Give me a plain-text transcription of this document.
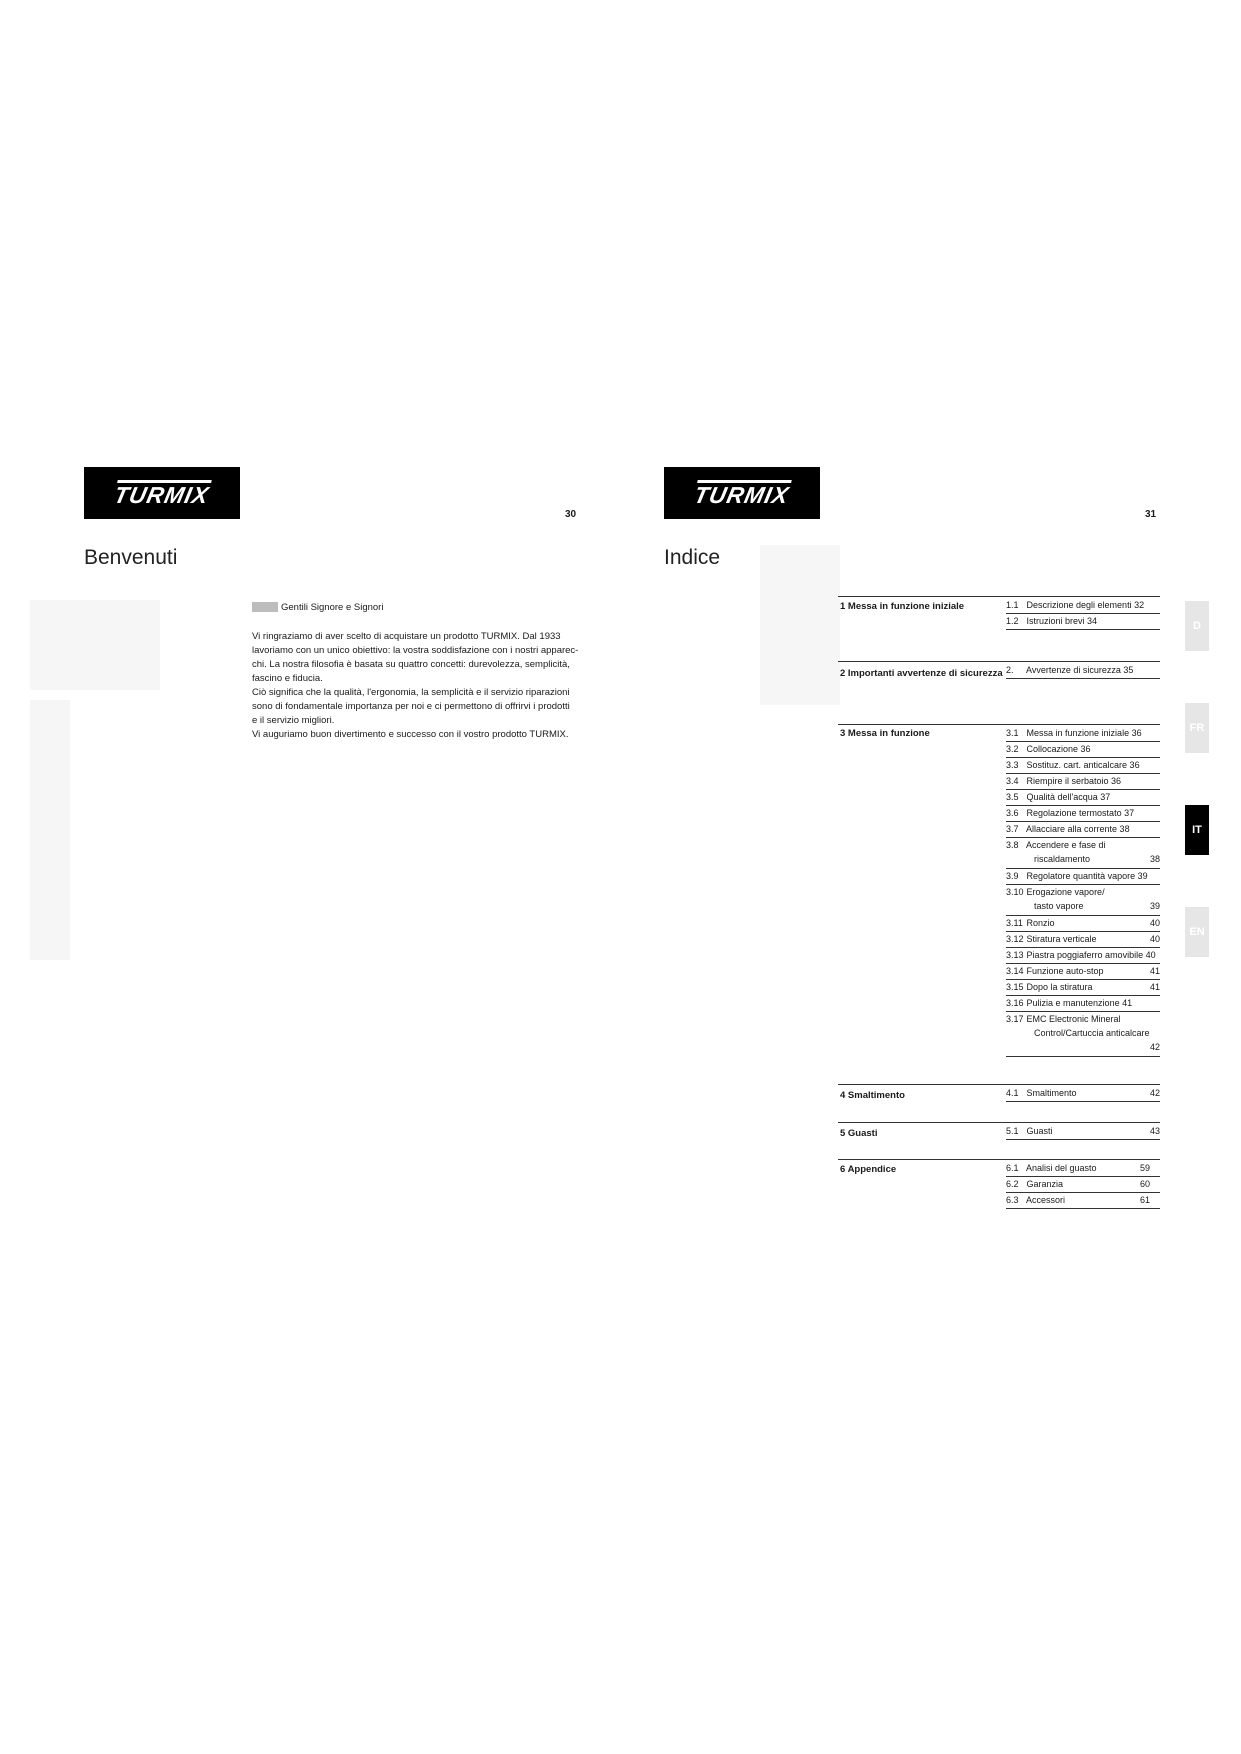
TURMIX
30
Benvenuti
Gentili Signore e Signori
Vi ringraziamo di aver scelto di acquistare un prodotto TURMIX. Dal 1933
lavoriamo con un unico obiettivo: la vostra soddisfazione con i nostri apparec-
chi. La nostra filosofia è basata su quattro concetti: durevolezza, semplicità,
fascino e fiducia.
Ciò significa che la qualità, l'ergonomia, la semplicità e il servizio riparazioni
sono di fondamentale importanza per noi e ci permettono di offrirvi i prodotti
e il servizio migliori.
Vi auguriamo buon divertimento e successo con il vostro prodotto TURMIX.
TURMIX
31
Indice
1 Messa in funzione iniziale	1.1 Descrizione degli elementi 32
1.2 Istruzioni brevi 34
2 Importanti avvertenze di sicurezza 2. Avvertenze di sicurezza 35
3 Messa in funzione	3.1 Messa in funzione iniziale 36
3.2 Collocazione 36
3.3 Sostituz. cart. anticalcare 36
3.4 Riempire il serbatoio 36
3.5 Qualità dell'acqua 37
3.6 Regolazione termostato 37
3.7 Allacciare alla corrente 38
3.8 Accendere e fase di
riscaldamento	38
3.9 Regolatore quantità vapore 39
3.10 Erogazione vapore/
tasto vapore	39
3.11 Ronzio	40
3.12 Stiratura verticale	40
3.13 Piastra poggiaferro amovibile 40
3.14 Funzione auto-stop	41
3.15 Dopo la stiratura	41
3.16 Pulizia e manutenzione 41
3.17 EMC Electronic Mineral
Control/Cartuccia anticalcare
42
4 Smaltimento	4.1 Smaltimento	42
5 Guasti	5.1 Guasti	43
6 Appendice	6.1 Analisi del guasto	59
6.2 Garanzia	60
6.3 Accessori	61
D
FR
IT
EN
